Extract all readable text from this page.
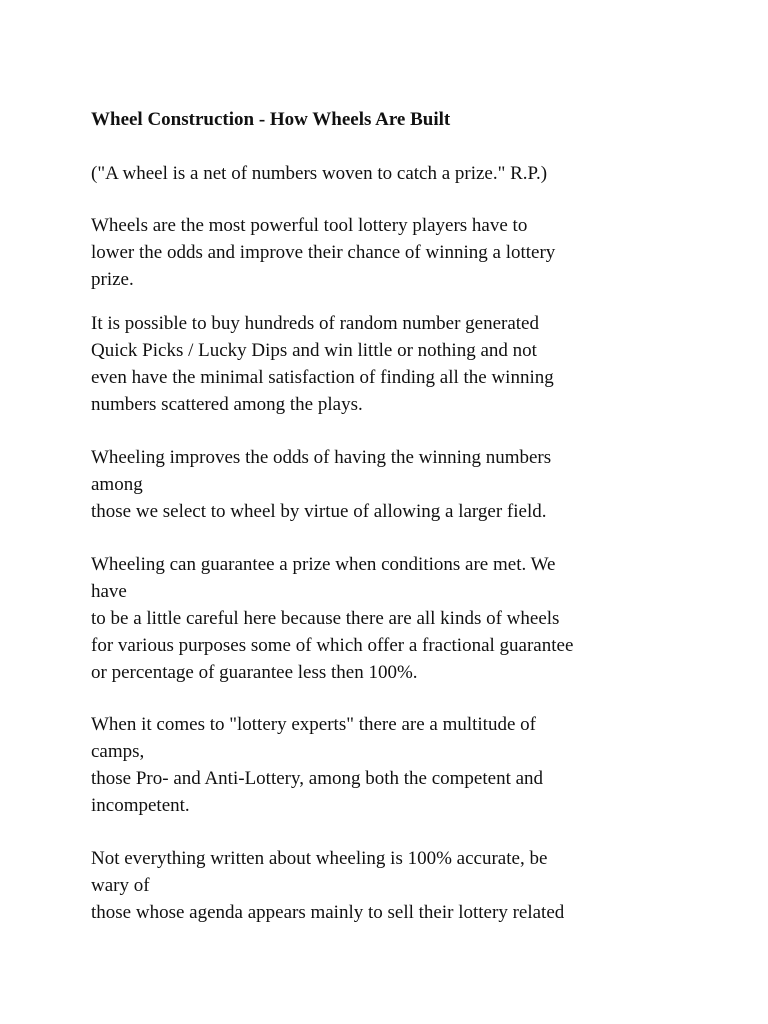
Wheel Construction - How Wheels Are Built

("A wheel is a net of numbers woven to catch a prize." R.P.)

Wheels are the most powerful tool lottery players have to
lower the odds and improve their chance of winning a lottery
prize.

It is possible to buy hundreds of random number generated
Quick Picks / Lucky Dips and win little or nothing and not
even have the minimal satisfaction of finding all the winning
numbers scattered among the plays.

Wheeling improves the odds of having the winning numbers
among
those we select to wheel by virtue of allowing a larger field.

Wheeling can guarantee a prize when conditions are met. We
have
to be a little careful here because there are all kinds of wheels
for various purposes some of which offer a fractional guarantee
or percentage of guarantee less then 100%.

When it comes to "lottery experts" there are a multitude of
camps,
those Pro- and Anti-Lottery, among both the competent and
incompetent.

Not everything written about wheeling is 100% accurate, be
wary of
those whose agenda appears mainly to sell their lottery related
